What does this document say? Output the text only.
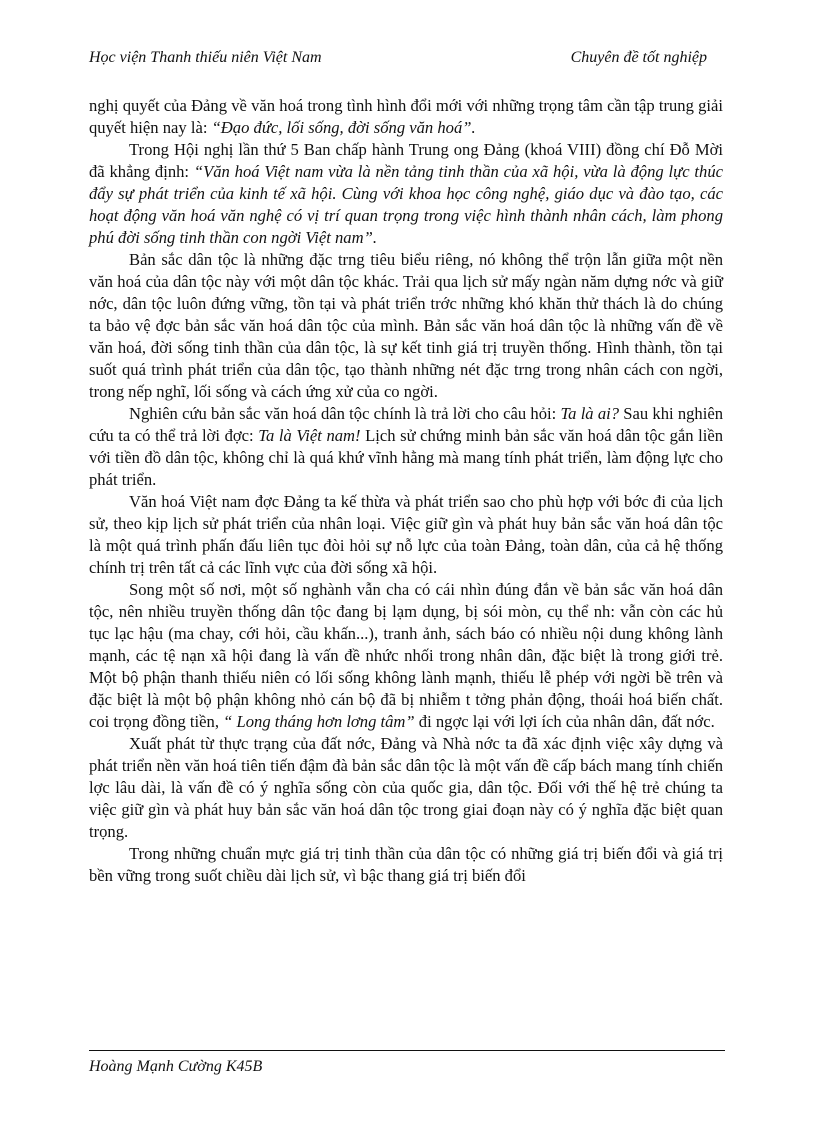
Học viện Thanh thiếu niên Việt Nam	Chuyên đề tốt nghiệp

nghị quyết của Đảng về văn hoá trong tình hình đổi mới với những trọng tâm cần tập trung giải quyết hiện nay là: “Đạo đức, lối sống, đời sống văn hoá”.

Trong Hội nghị lần thứ 5 Ban chấp hành Trung ong Đảng (khoá VIII) đồng chí Đỗ Mời đã khẳng định: “Văn hoá Việt nam vừa là nền tảng tinh thần của xã hội, vừa là động lực thúc đẩy sự phát triển của kinh tế xã hội. Cùng với khoa học công nghệ, giáo dục và đào tạo, các hoạt động văn hoá văn nghệ có vị trí quan trọng trong việc hình thành nhân cách, làm phong phú đời sống tinh thần con ngời Việt nam”.

Bản sắc dân tộc là những đặc trng tiêu biểu riêng, nó không thể trộn lẫn giữa một nền văn hoá của dân tộc này với một dân tộc khác. Trải qua lịch sử mấy ngàn năm dựng nớc và giữ nớc, dân tộc luôn đứng vững, tồn tại và phát triển trớc những khó khăn thử thách là do chúng ta bảo vệ đợc bản sắc văn hoá dân tộc của mình. Bản sắc văn hoá dân tộc là những vấn đề về văn hoá, đời sống tinh thần của dân tộc, là sự kết tinh giá trị truyền thống. Hình thành, tồn tại suốt quá trình phát triển của dân tộc, tạo thành những nét đặc trng trong nhân cách con ngời, trong nếp nghĩ, lối sống và cách ứng xử của co ngời.

Nghiên cứu bản sắc văn hoá dân tộc chính là trả lời cho câu hỏi: Ta là ai? Sau khi nghiên cứu ta có thể trả lời đợc: Ta là Việt nam! Lịch sử chứng minh bản sắc văn hoá dân tộc gắn liền với tiền đồ dân tộc, không chỉ là quá khứ vĩnh hằng mà mang tính phát triển, làm động lực cho phát triển.

Văn hoá Việt nam đợc Đảng ta kế thừa và phát triển sao cho phù hợp với bớc đi của lịch sử, theo kịp lịch sử phát triển của nhân loại. Việc giữ gìn và phát huy bản sắc văn hoá dân tộc là một quá trình phấn đấu liên tục đòi hỏi sự nỗ lực của toàn Đảng, toàn dân, của cả hệ thống chính trị trên tất cả các lĩnh vực của đời sống xã hội.

Song một số nơi, một số nghành vẫn cha có cái nhìn đúng đắn về bản sắc văn hoá dân tộc, nên nhiều truyền thống dân tộc đang bị lạm dụng, bị sói mòn, cụ thể nh: vẫn còn các hủ tục lạc hậu (ma chay, cới hỏi, cầu khấn...), tranh ảnh, sách báo có nhiều nội dung không lành mạnh, các tệ nạn xã hội đang là vấn đề nhức nhối trong nhân dân, đặc biệt là trong giới trẻ. Một bộ phận thanh thiếu niên có lối sống không lành mạnh, thiếu lễ phép với ngời bề trên và đặc biệt là một bộ phận không nhỏ cán bộ đã bị nhiễm t tởng phản động, thoái hoá biến chất. coi trọng đồng tiền, “ Long tháng hơn lơng tâm” đi ngợc lại với lợi ích của nhân dân, đất nớc.

Xuất phát từ thực trạng của đất nớc, Đảng và Nhà nớc ta đã xác định việc xây dựng và phát triển nền văn hoá tiên tiến đậm đà bản sắc dân tộc là một vấn đề cấp bách mang tính chiến lợc lâu dài, là vấn đề có ý nghĩa sống còn của quốc gia, dân tộc. Đối với thế hệ trẻ chúng ta việc giữ gìn và phát huy bản sắc văn hoá dân tộc trong giai đoạn này có ý nghĩa đặc biệt quan trọng.

Trong những chuẩn mực giá trị tinh thần của dân tộc có những giá trị biến đổi và giá trị bền vững trong suốt chiều dài lịch sử, vì bậc thang giá trị biến đổi

Hoàng Mạnh Cường K45B
